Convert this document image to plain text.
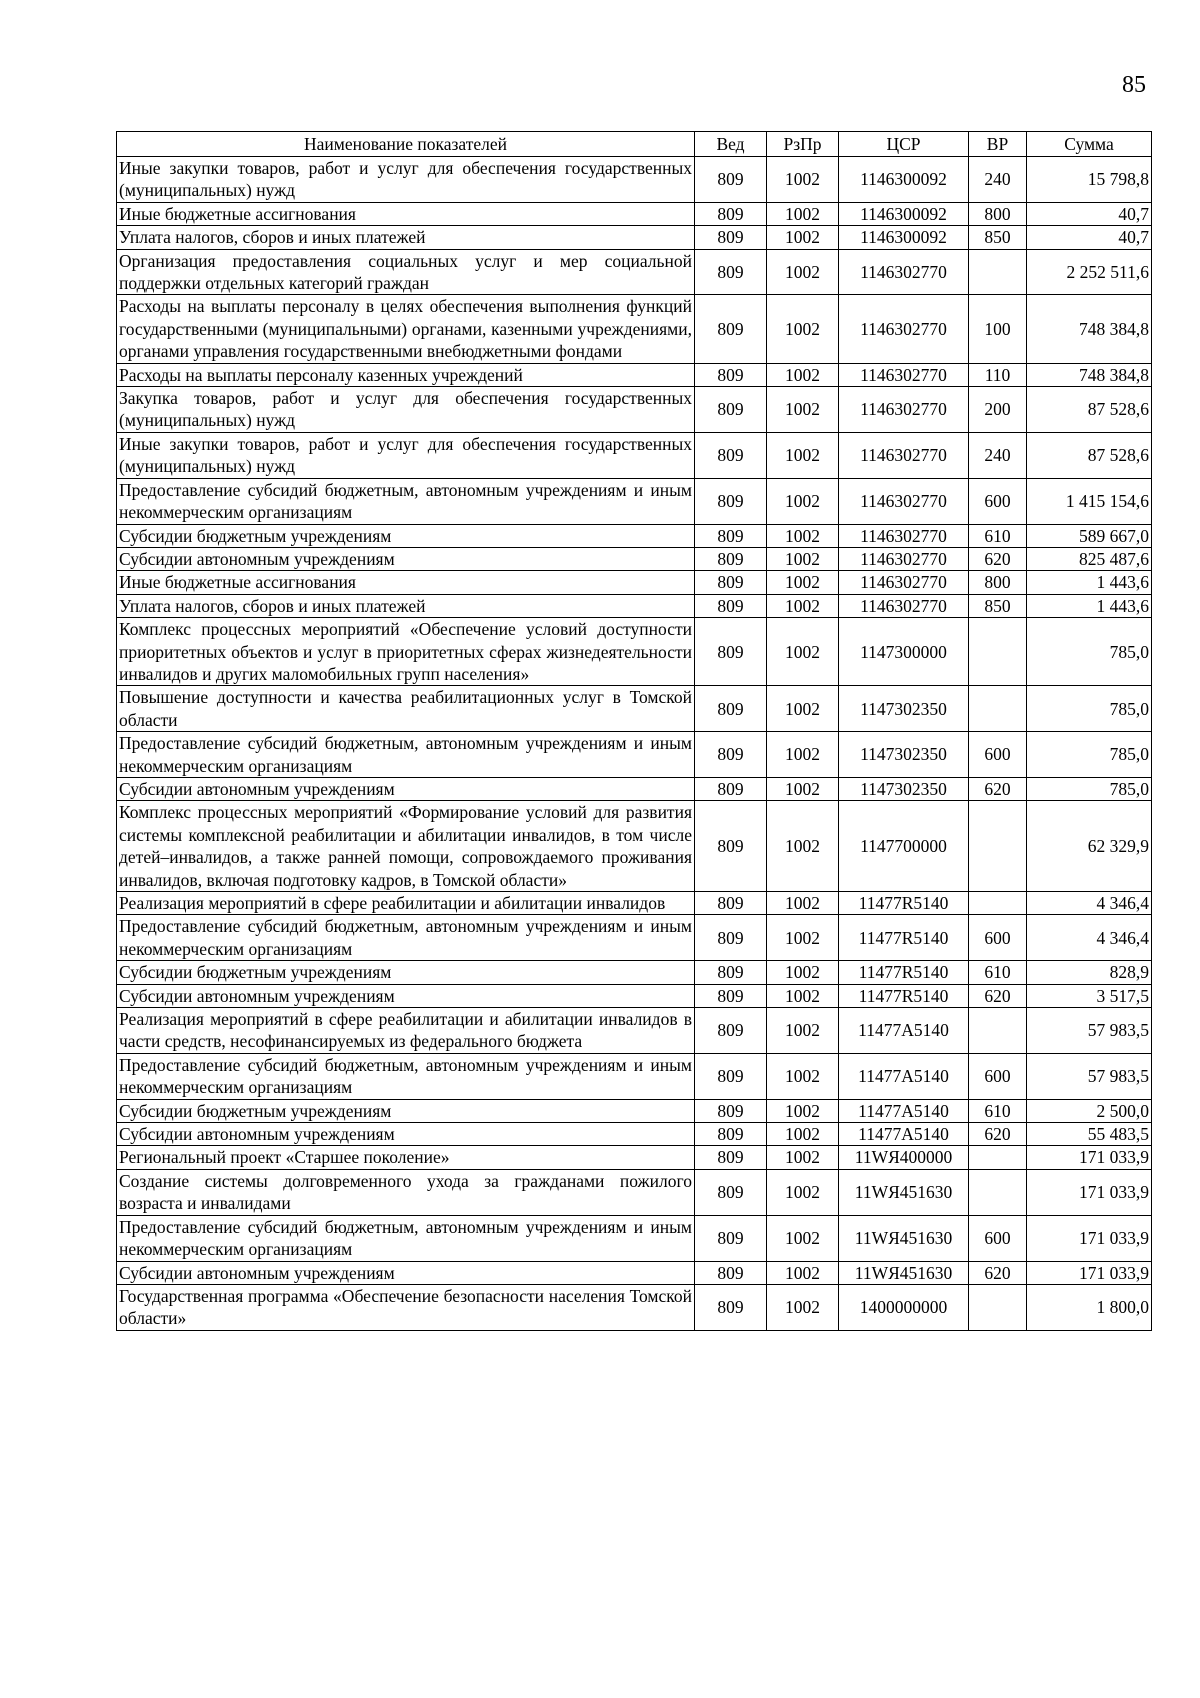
85
Наименование показателей	Вед	РзПр	ЦСР	ВР	Сумма
Иные закупки товаров, работ и услуг для обеспечения государственных (муниципальных) нужд	809	1002	1146300092	240	15 798,8
Иные бюджетные ассигнования	809	1002	1146300092	800	40,7
Уплата налогов, сборов и иных платежей	809	1002	1146300092	850	40,7
Организация предоставления социальных услуг и мер социальной поддержки отдельных категорий граждан	809	1002	1146302770		2 252 511,6
Расходы на выплаты персоналу в целях обеспечения выполнения функций государственными (муниципальными) органами, казенными учреждениями, органами управления государственными внебюджетными фондами	809	1002	1146302770	100	748 384,8
Расходы на выплаты персоналу казенных учреждений	809	1002	1146302770	110	748 384,8
Закупка товаров, работ и услуг для обеспечения государственных (муниципальных) нужд	809	1002	1146302770	200	87 528,6
Иные закупки товаров, работ и услуг для обеспечения государственных (муниципальных) нужд	809	1002	1146302770	240	87 528,6
Предоставление субсидий бюджетным, автономным учреждениям и иным некоммерческим организациям	809	1002	1146302770	600	1 415 154,6
Субсидии бюджетным учреждениям	809	1002	1146302770	610	589 667,0
Субсидии автономным учреждениям	809	1002	1146302770	620	825 487,6
Иные бюджетные ассигнования	809	1002	1146302770	800	1 443,6
Уплата налогов, сборов и иных платежей	809	1002	1146302770	850	1 443,6
Комплекс процессных мероприятий «Обеспечение условий доступности приоритетных объектов и услуг в приоритетных сферах жизнедеятельности инвалидов и других маломобильных групп населения»	809	1002	1147300000		785,0
Повышение доступности и качества реабилитационных услуг в Томской области	809	1002	1147302350		785,0
Предоставление субсидий бюджетным, автономным учреждениям и иным некоммерческим организациям	809	1002	1147302350	600	785,0
Субсидии автономным учреждениям	809	1002	1147302350	620	785,0
Комплекс процессных мероприятий «Формирование условий для развития системы комплексной реабилитации и абилитации инвалидов, в том числе детей–инвалидов, а также ранней помощи, сопровождаемого проживания инвалидов, включая подготовку кадров, в Томской области»	809	1002	1147700000		62 329,9
Реализация мероприятий в сфере реабилитации и абилитации инвалидов	809	1002	11477R5140		4 346,4
Предоставление субсидий бюджетным, автономным учреждениям и иным некоммерческим организациям	809	1002	11477R5140	600	4 346,4
Субсидии бюджетным учреждениям	809	1002	11477R5140	610	828,9
Субсидии автономным учреждениям	809	1002	11477R5140	620	3 517,5
Реализация мероприятий в сфере реабилитации и абилитации инвалидов в части средств, несофинансируемых из федерального бюджета	809	1002	11477A5140		57 983,5
Предоставление субсидий бюджетным, автономным учреждениям и иным некоммерческим организациям	809	1002	11477A5140	600	57 983,5
Субсидии бюджетным учреждениям	809	1002	11477A5140	610	2 500,0
Субсидии автономным учреждениям	809	1002	11477A5140	620	55 483,5
Региональный проект «Старшее поколение»	809	1002	11WЯ400000		171 033,9
Создание системы долговременного ухода за гражданами пожилого возраста и инвалидами	809	1002	11WЯ451630		171 033,9
Предоставление субсидий бюджетным, автономным учреждениям и иным некоммерческим организациям	809	1002	11WЯ451630	600	171 033,9
Субсидии автономным учреждениям	809	1002	11WЯ451630	620	171 033,9
Государственная программа «Обеспечение безопасности населения Томской области»	809	1002	1400000000		1 800,0
